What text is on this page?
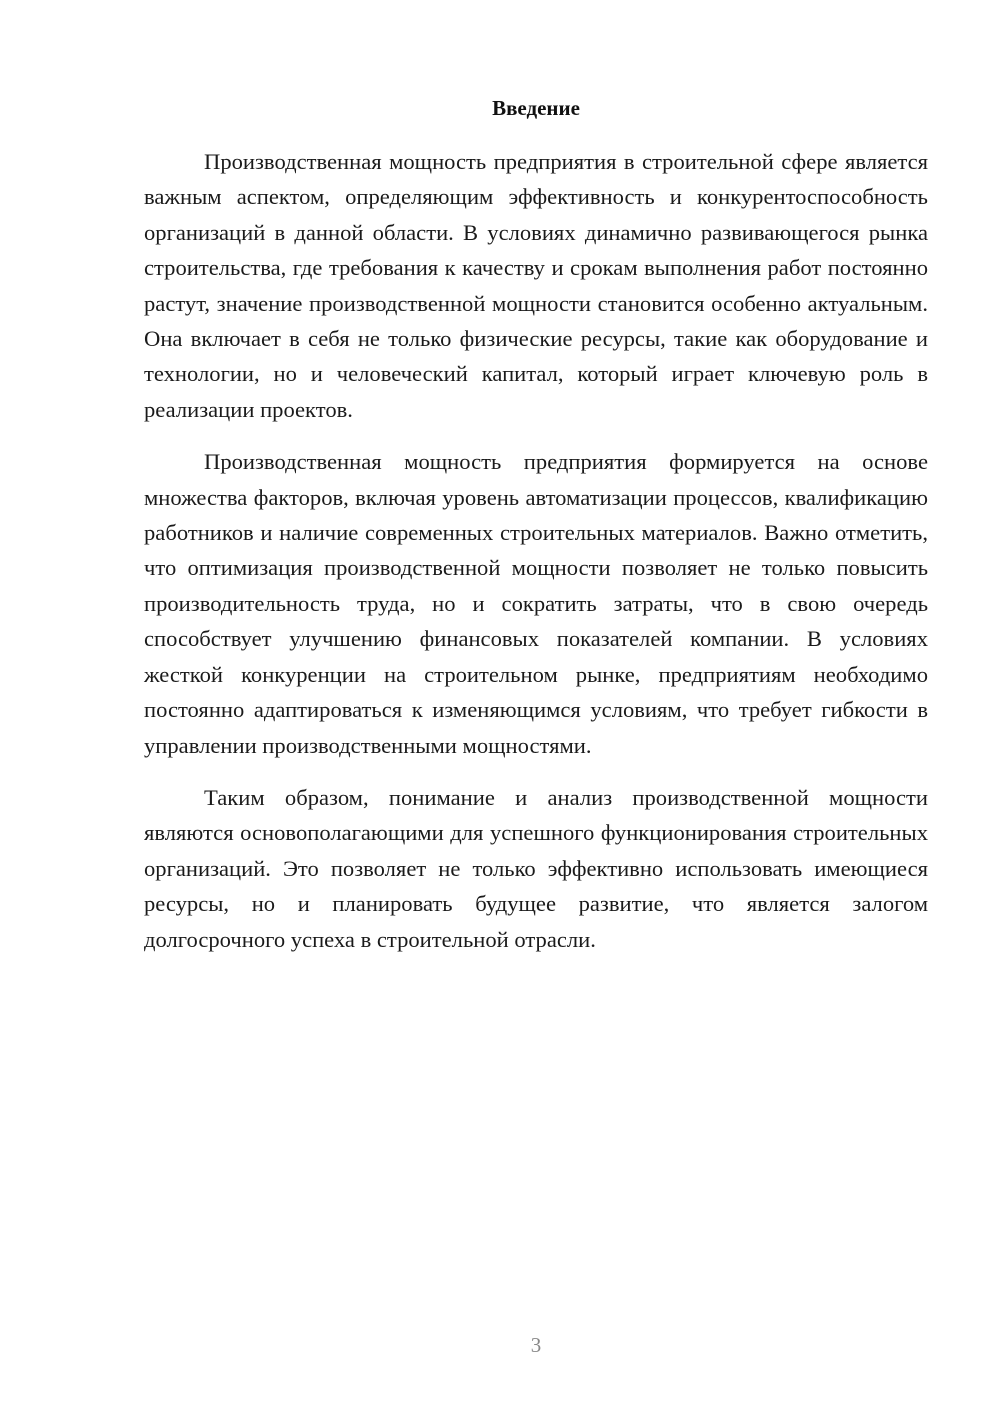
Введение

Производственная мощность предприятия в строительной сфере является важным аспектом, определяющим эффективность и конкурентоспособность организаций в данной области. В условиях динамично развивающегося рынка строительства, где требования к качеству и срокам выполнения работ постоянно растут, значение производственной мощности становится особенно актуальным. Она включает в себя не только физические ресурсы, такие как оборудование и технологии, но и человеческий капитал, который играет ключевую роль в реализации проектов.

Производственная мощность предприятия формируется на основе множества факторов, включая уровень автоматизации процессов, квалификацию работников и наличие современных строительных материалов. Важно отметить, что оптимизация производственной мощности позволяет не только повысить производительность труда, но и сократить затраты, что в свою очередь способствует улучшению финансовых показателей компании. В условиях жесткой конкуренции на строительном рынке, предприятиям необходимо постоянно адаптироваться к изменяющимся условиям, что требует гибкости в управлении производственными мощностями.

Таким образом, понимание и анализ производственной мощности являются основополагающими для успешного функционирования строительных организаций. Это позволяет не только эффективно использовать имеющиеся ресурсы, но и планировать будущее развитие, что является залогом долгосрочного успеха в строительной отрасли.

3
